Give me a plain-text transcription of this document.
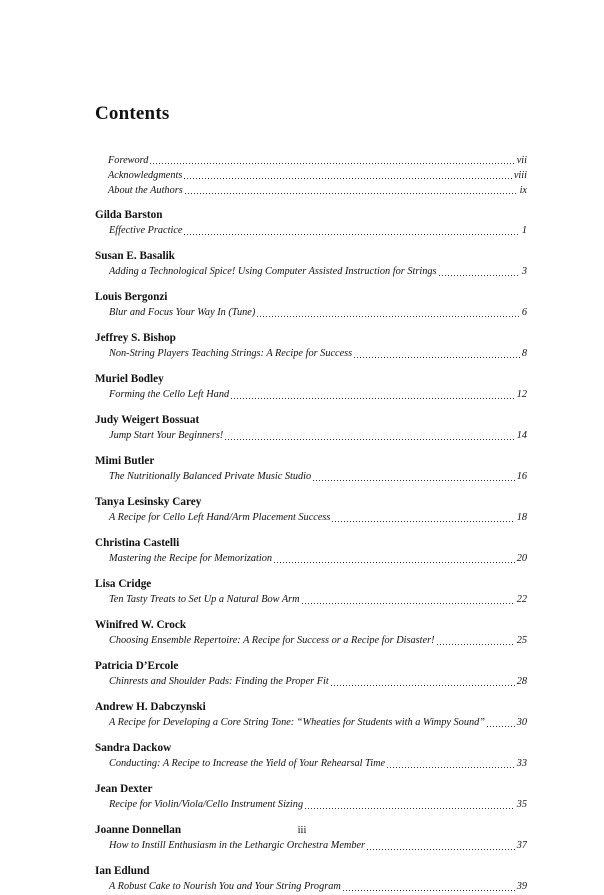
Contents
Foreword	vii
Acknowledgments	viii
About the Authors	ix
Gilda Barston
Effective Practice	1
Susan E. Basalik
Adding a Technological Spice! Using Computer Assisted Instruction for Strings	3
Louis Bergonzi
Blur and Focus Your Way In (Tune)	6
Jeffrey S. Bishop
Non-String Players Teaching Strings: A Recipe for Success	8
Muriel Bodley
Forming the Cello Left Hand	12
Judy Weigert Bossuat
Jump Start Your Beginners!	14
Mimi Butler
The Nutritionally Balanced Private Music Studio	16
Tanya Lesinsky Carey
A Recipe for Cello Left Hand/Arm Placement Success	18
Christina Castelli
Mastering the Recipe for Memorization	20
Lisa Cridge
Ten Tasty Treats to Set Up a Natural Bow Arm	22
Winifred W. Crock
Choosing Ensemble Repertoire: A Recipe for Success or a Recipe for Disaster!	25
Patricia D’Ercole
Chinrests and Shoulder Pads: Finding the Proper Fit	28
Andrew H. Dabczynski
A Recipe for Developing a Core String Tone: “Wheaties for Students with a Wimpy Sound”	30
Sandra Dackow
Conducting: A Recipe to Increase the Yield of Your Rehearsal Time	33
Jean Dexter
Recipe for Violin/Viola/Cello Instrument Sizing	35
Joanne Donnellan
How to Instill Enthusiasm in the Lethargic Orchestra Member	37
Ian Edlund
A Robust Cake to Nourish You and Your String Program	39
iii
